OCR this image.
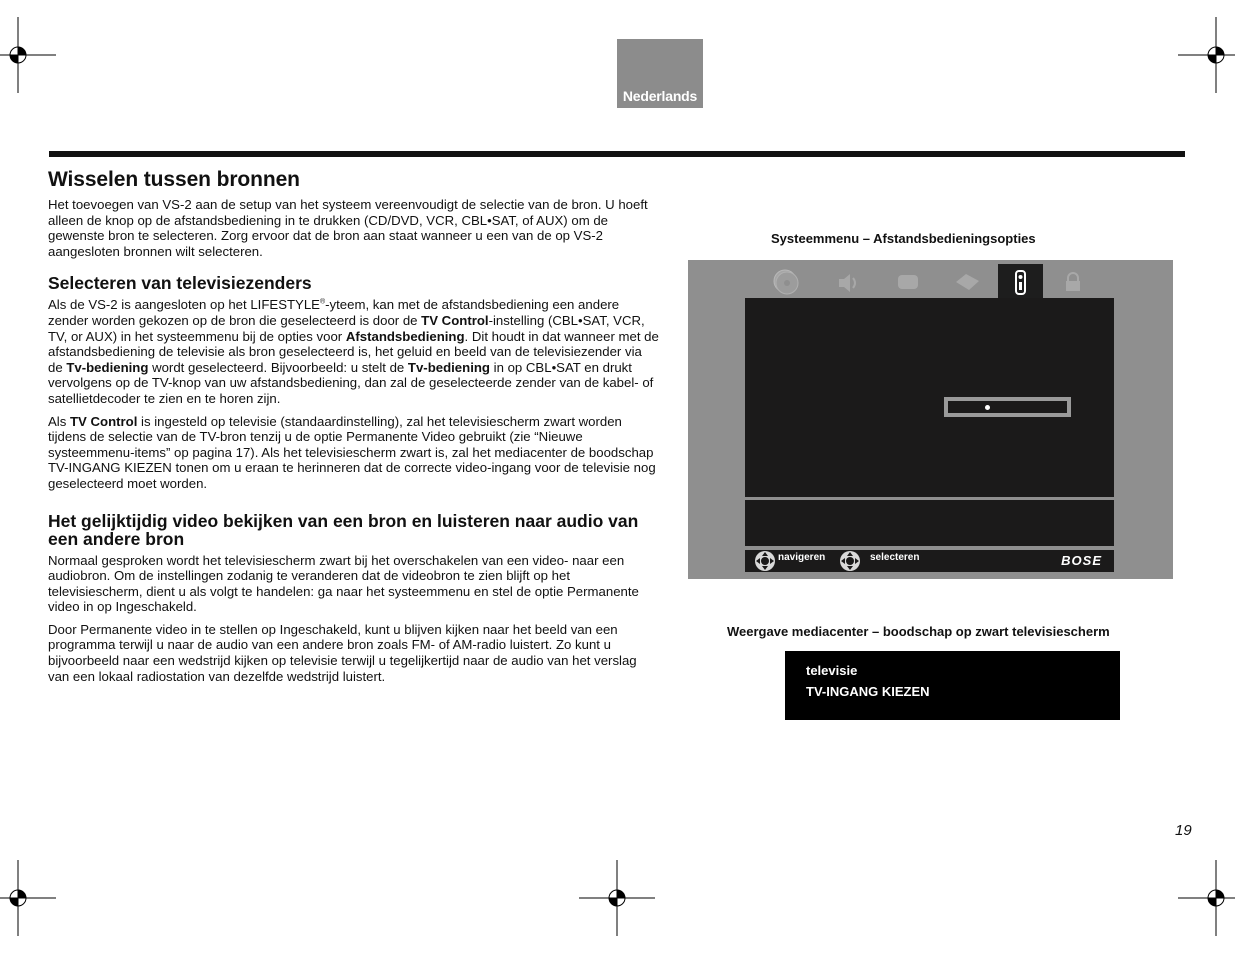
Nederlands
Wisselen tussen bronnen

Het toevoegen van VS-2 aan de setup van het systeem vereenvoudigt de selectie van de bron. U hoeft alleen de knop op de afstandsbediening in te drukken (CD/DVD, VCR, CBL•SAT, of AUX) om de gewenste bron te selecteren. Zorg ervoor dat de bron aan staat wanneer u een van de op VS-2 aangesloten bronnen wilt selecteren.

Selecteren van televisiezenders

Als de VS-2 is aangesloten op het LIFESTYLE®-yteem, kan met de afstandsbediening een andere zender worden gekozen op de bron die geselecteerd is door de TV Control-instelling (CBL•SAT, VCR, TV, or AUX) in het systeemmenu bij de opties voor Afstandsbediening. Dit houdt in dat wanneer met de afstandsbediening de televisie als bron geselecteerd is, het geluid en beeld van de televisiezender via de Tv-bediening wordt geselecteerd. Bijvoorbeeld: u stelt de Tv-bediening in op CBL•SAT en drukt vervolgens op de TV-knop van uw afstandsbediening, dan zal de geselecteerde zender van de kabel- of satellietdecoder te zien en te horen zijn.

Als TV Control is ingesteld op televisie (standaardinstelling), zal het televisiescherm zwart worden tijdens de selectie van de TV-bron tenzij u de optie Permanente Video gebruikt (zie “Nieuwe systeemmenu-items” op pagina 17). Als het televisiescherm zwart is, zal het mediacenter de boodschap TV-INGANG KIEZEN tonen om u eraan te herinneren dat de correcte video-ingang voor de televisie nog geselecteerd moet worden.

Het gelijktijdig video bekijken van een bron en luisteren naar audio van een andere bron

Normaal gesproken wordt het televisiescherm zwart bij het overschakelen van een video- naar een audiobron. Om de instellingen zodanig te veranderen dat de videobron te zien blijft op het televisiescherm, dient u als volgt te handelen: ga naar het systeemmenu en stel de optie Permanente video in op Ingeschakeld.

Door Permanente video in te stellen op Ingeschakeld, kunt u blijven kijken naar het beeld van een programma terwijl u naar de audio van een andere bron zoals FM- of AM-radio luistert. Zo kunt u bijvoorbeeld naar een wedstrijd kijken op televisie terwijl u tegelijkertijd naar de audio van het verslag van een lokaal radiostation van dezelfde wedstrijd luistert.

Systeemmenu – Afstandsbedieningsopties
navigeren	selecteren	BOSE
Weergave mediacenter – boodschap op zwart televisiescherm
televisie
TV-INGANG KIEZEN
19
